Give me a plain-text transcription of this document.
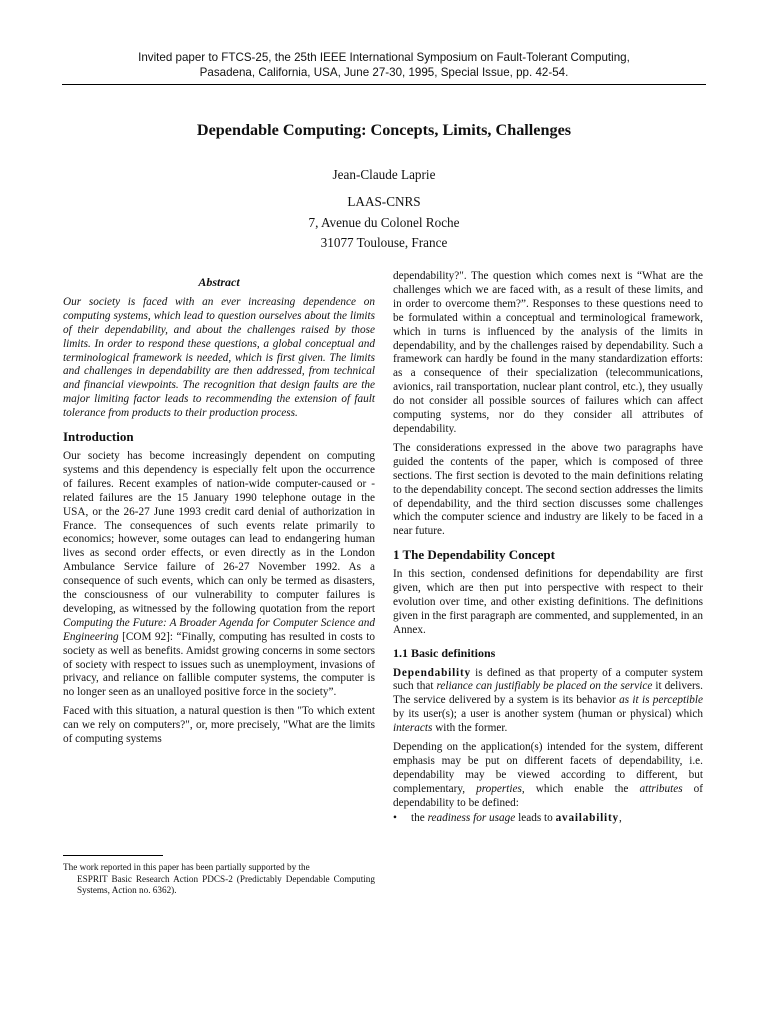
Invited paper to FTCS-25, the 25th IEEE International Symposium on Fault-Tolerant Computing,
Pasadena, California, USA, June 27-30, 1995, Special Issue, pp. 42-54.
Dependable Computing: Concepts, Limits, Challenges
Jean-Claude Laprie
LAAS-CNRS
7, Avenue du Colonel Roche
31077 Toulouse, France
Abstract

Our society is faced with an ever increasing dependence on computing systems, which lead to question ourselves about the limits of their dependability, and about the challenges raised by those limits. In order to respond these questions, a global conceptual and terminological framework is needed, which is first given. The limits and challenges in dependability are then addressed, from technical and financial viewpoints. The recognition that design faults are the major limiting factor leads to recommending the extension of fault tolerance from products to their production process.

Introduction

Our society has become increasingly dependent on computing systems and this dependency is especially felt upon the occurrence of failures. Recent examples of nation-wide computer-caused or -related failures are the 15 January 1990 telephone outage in the USA, or the 26-27 June 1993 credit card denial of authorization in France. The consequences of such events relate primarily to economics; however, some outages can lead to endangering human lives as second order effects, or even directly as in the London Ambulance Service failure of 26-27 November 1992. As a consequence of such events, which can only be termed as disasters, the consciousness of our vulnerability to computer failures is developing, as witnessed by the following quotation from the report Computing the Future: A Broader Agenda for Computer Science and Engineering [COM 92]: “Finally, computing has resulted in costs to society as well as benefits. Amidst growing concerns in some sectors of society with respect to issues such as unemployment, invasions of privacy, and reliance on fallible computer systems, the computer is no longer seen as an unalloyed positive force in the society”.

Faced with this situation, a natural question is then "To which extent can we rely on computers?", or, more precisely, "What are the limits of computing systems

The work reported in this paper has been partially supported by the
ESPRIT Basic Research Action PDCS-2 (Predictably Dependable Computing Systems, Action no. 6362).

dependability?". The question which comes next is “What are the challenges which we are faced with, as a result of these limits, and in order to overcome them?”. Responses to these questions need to be formulated within a conceptual and terminological framework, which in turns is influenced by the analysis of the limits in dependability, and by the challenges raised by dependability. Such a framework can hardly be found in the many standardization efforts: as a consequence of their specialization (telecommunications, avionics, rail transportation, nuclear plant control, etc.), they usually do not consider all possible sources of failures which can affect computing systems, nor do they consider all attributes of dependability.

The considerations expressed in the above two paragraphs have guided the contents of the paper, which is composed of three sections. The first section is devoted to the main definitions relating to the dependability concept. The second section addresses the limits of dependability, and the third section discusses some challenges which the computer science and industry are likely to be faced in a near future.

1 The Dependability Concept

In this section, condensed definitions for dependability are first given, which are then put into perspective with respect to their evolution over time, and other existing definitions. The definitions given in the first paragraph are commented, and supplemented, in an Annex.

1.1 Basic definitions

Dependability is defined as that property of a computer system such that reliance can justifiably be placed on the service it delivers. The service delivered by a system is its behavior as it is perceptible by its user(s); a user is another system (human or physical) which interacts with the former.

Depending on the application(s) intended for the system, different emphasis may be put on different facets of dependability, i.e. dependability may be viewed according to different, but complementary, properties, which enable the attributes of dependability to be defined:

•	the readiness for usage leads to availability,
